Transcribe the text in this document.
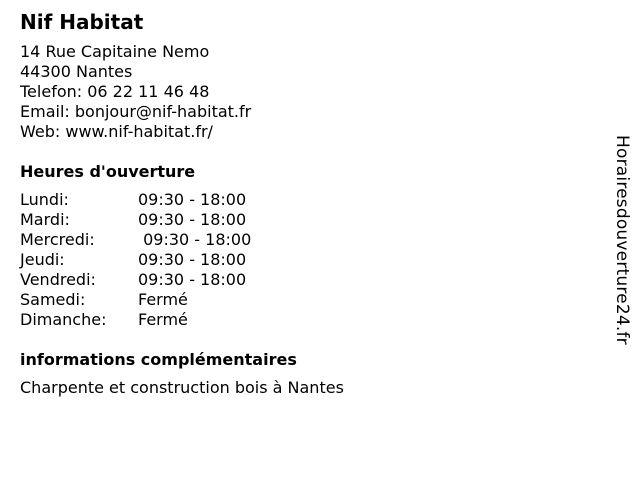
Nif Habitat
14 Rue Capitaine Nemo
44300 Nantes
Telefon: 06 22 11 46 48
Email: bonjour@nif-habitat.fr
Web: www.nif-habitat.fr/
Heures d'ouverture
Lundi:	09:30 - 18:00
Mardi:	09:30 - 18:00
Mercredi:	09:30 - 18:00
Jeudi:	09:30 - 18:00
Vendredi:	09:30 - 18:00
Samedi:	Fermé
Dimanche:	Fermé
informations complémentaires
Charpente et construction bois à Nantes
Horairesdouverture24.fr
